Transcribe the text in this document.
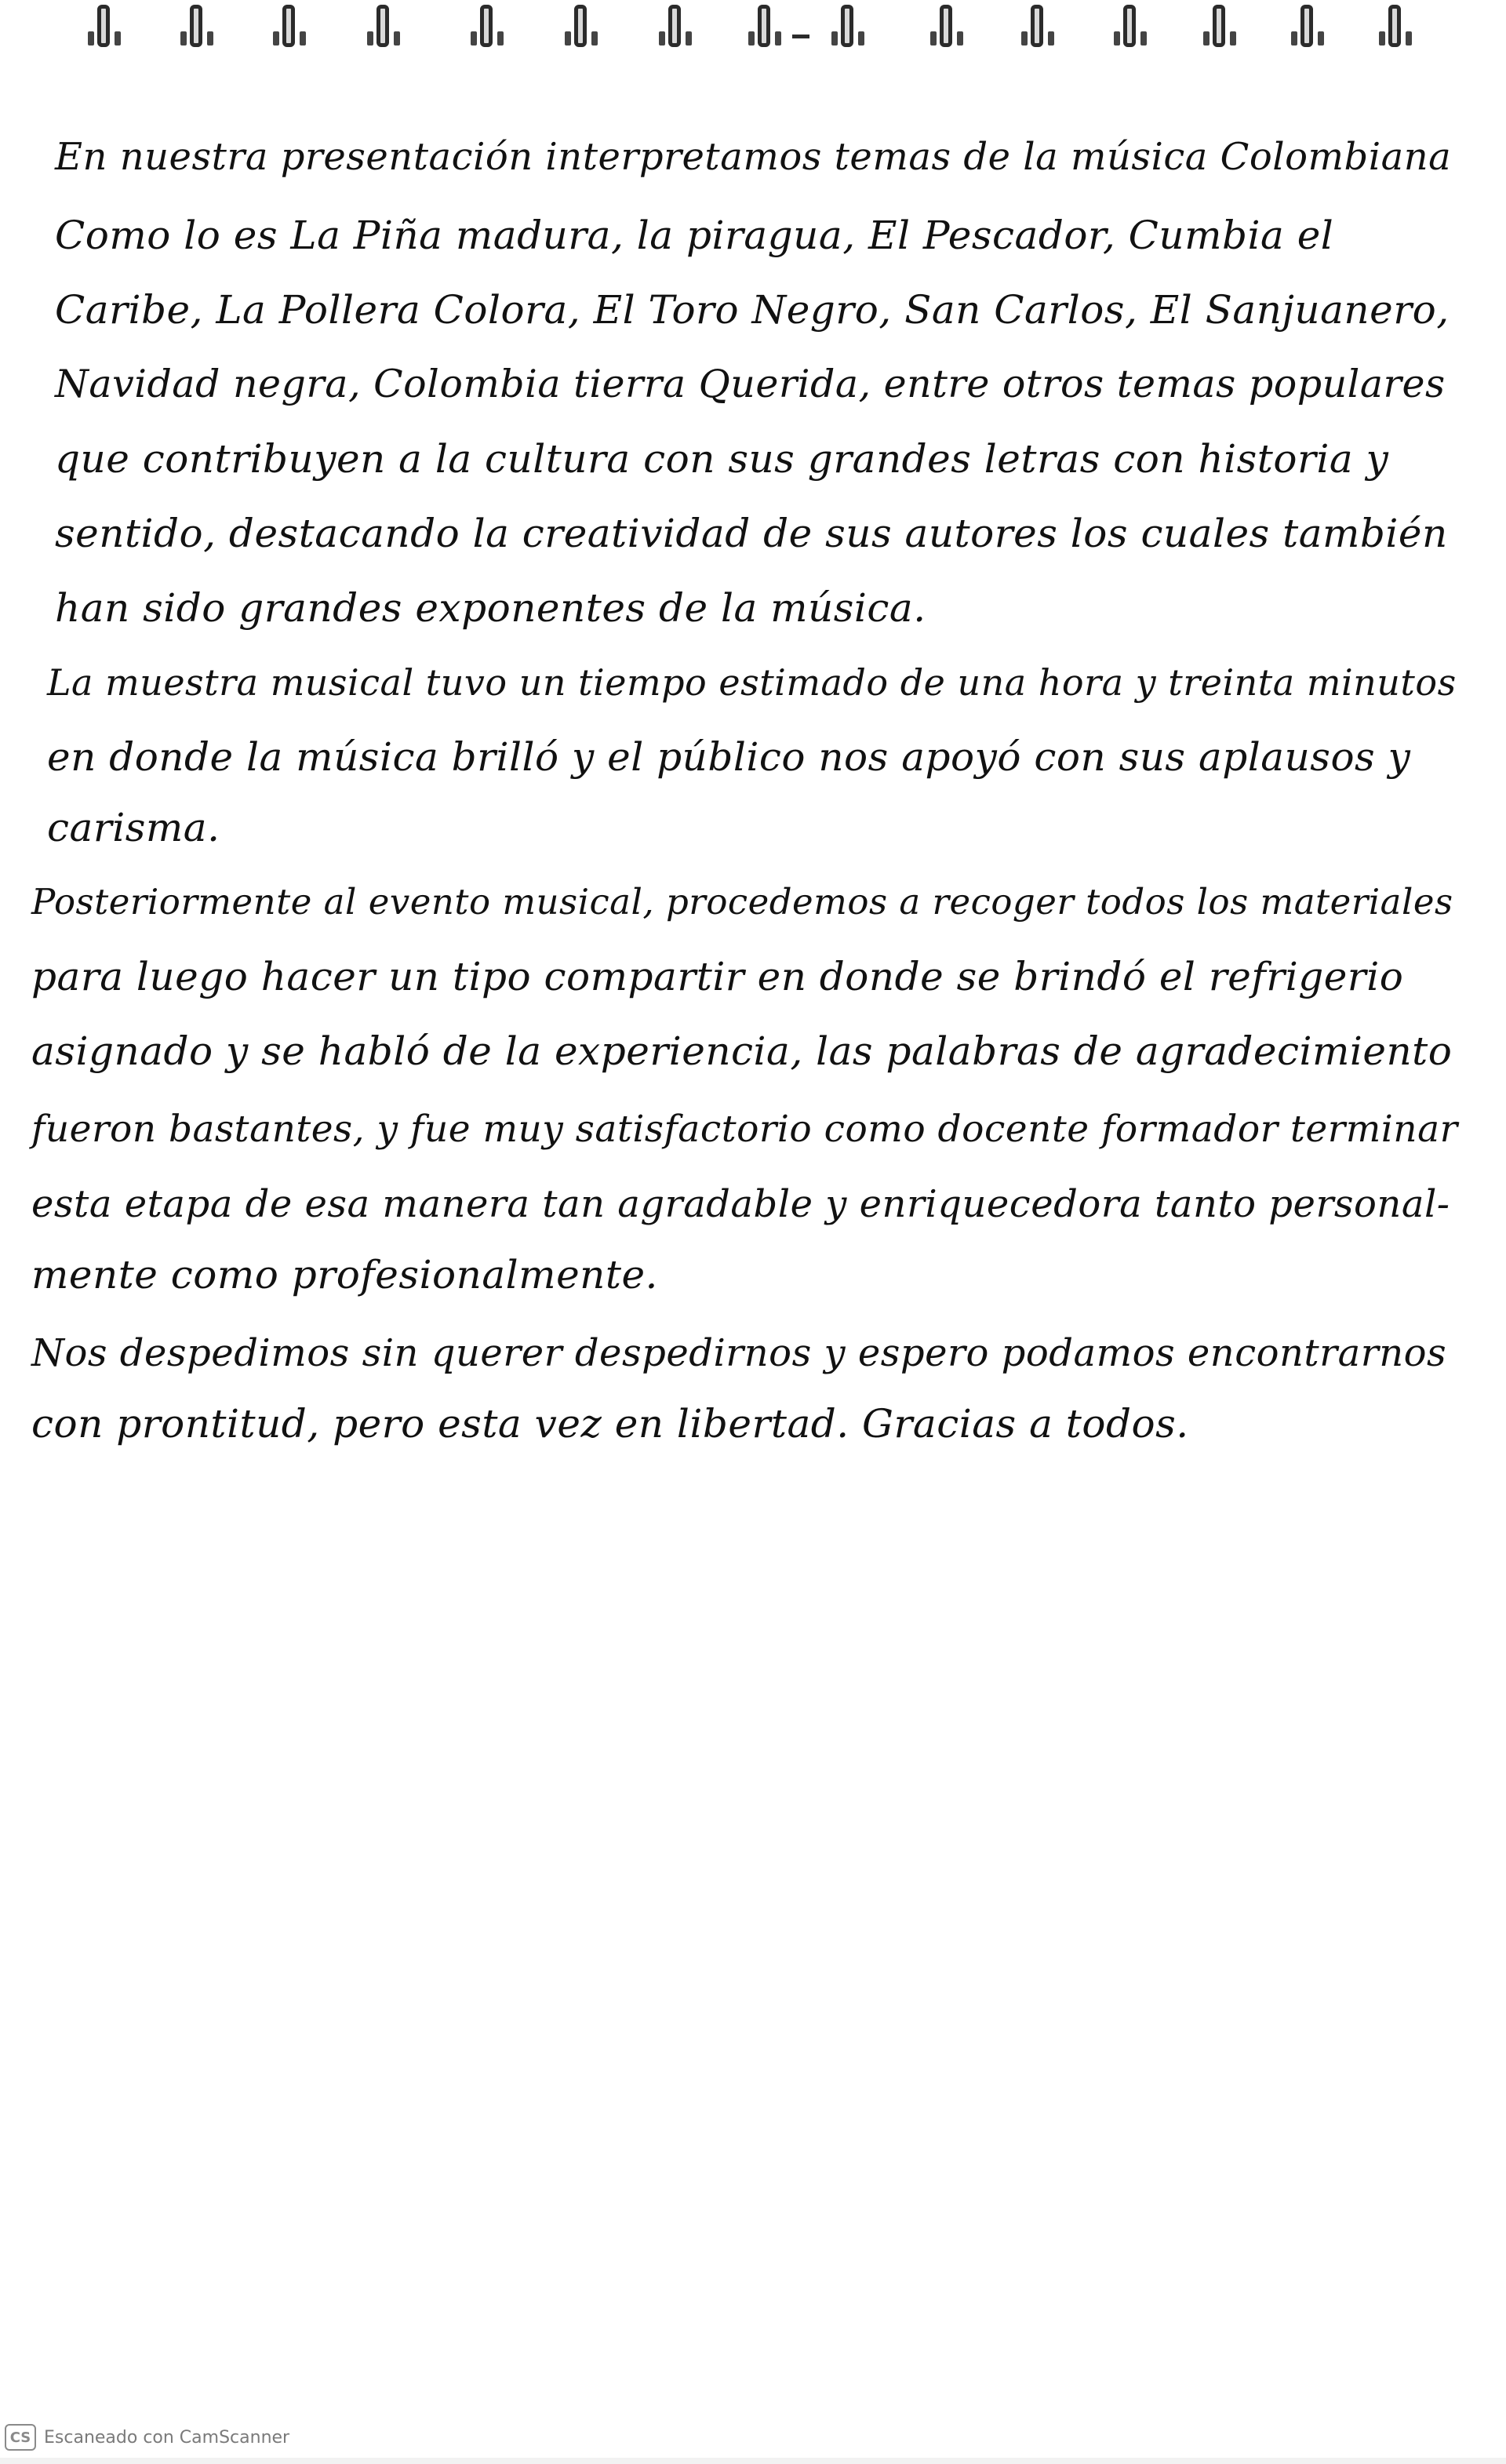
En nuestra presentación interpretamos temas de la música Colombiana
Como lo es La Piña madura, la piragua, El Pescador, Cumbia el
Caribe, La Pollera Colora, El Toro Negro, San Carlos, El Sanjuanero,
Navidad negra, Colombia tierra Querida, entre otros temas populares
que contribuyen a la cultura con sus grandes letras con historia y
sentido, destacando la creatividad de sus autores los cuales también
han sido grandes exponentes de la música.
La muestra musical tuvo un tiempo estimado de una hora y treinta minutos
en donde la música brilló y el público nos apoyó con sus aplausos y
carisma.
Posteriormente al evento musical, procedemos a recoger todos los materiales
para luego hacer un tipo compartir en donde se brindó el refrigerio
asignado y se habló de la experiencia, las palabras de agradecimiento
fueron bastantes, y fue muy satisfactorio como docente formador terminar
esta etapa de esa manera tan agradable y enriquecedora tanto personal-
mente como profesionalmente.
Nos despedimos sin querer despedirnos y espero podamos encontrarnos
con prontitud, pero esta vez en libertad. Gracias a todos.
CS Escaneado con CamScanner
